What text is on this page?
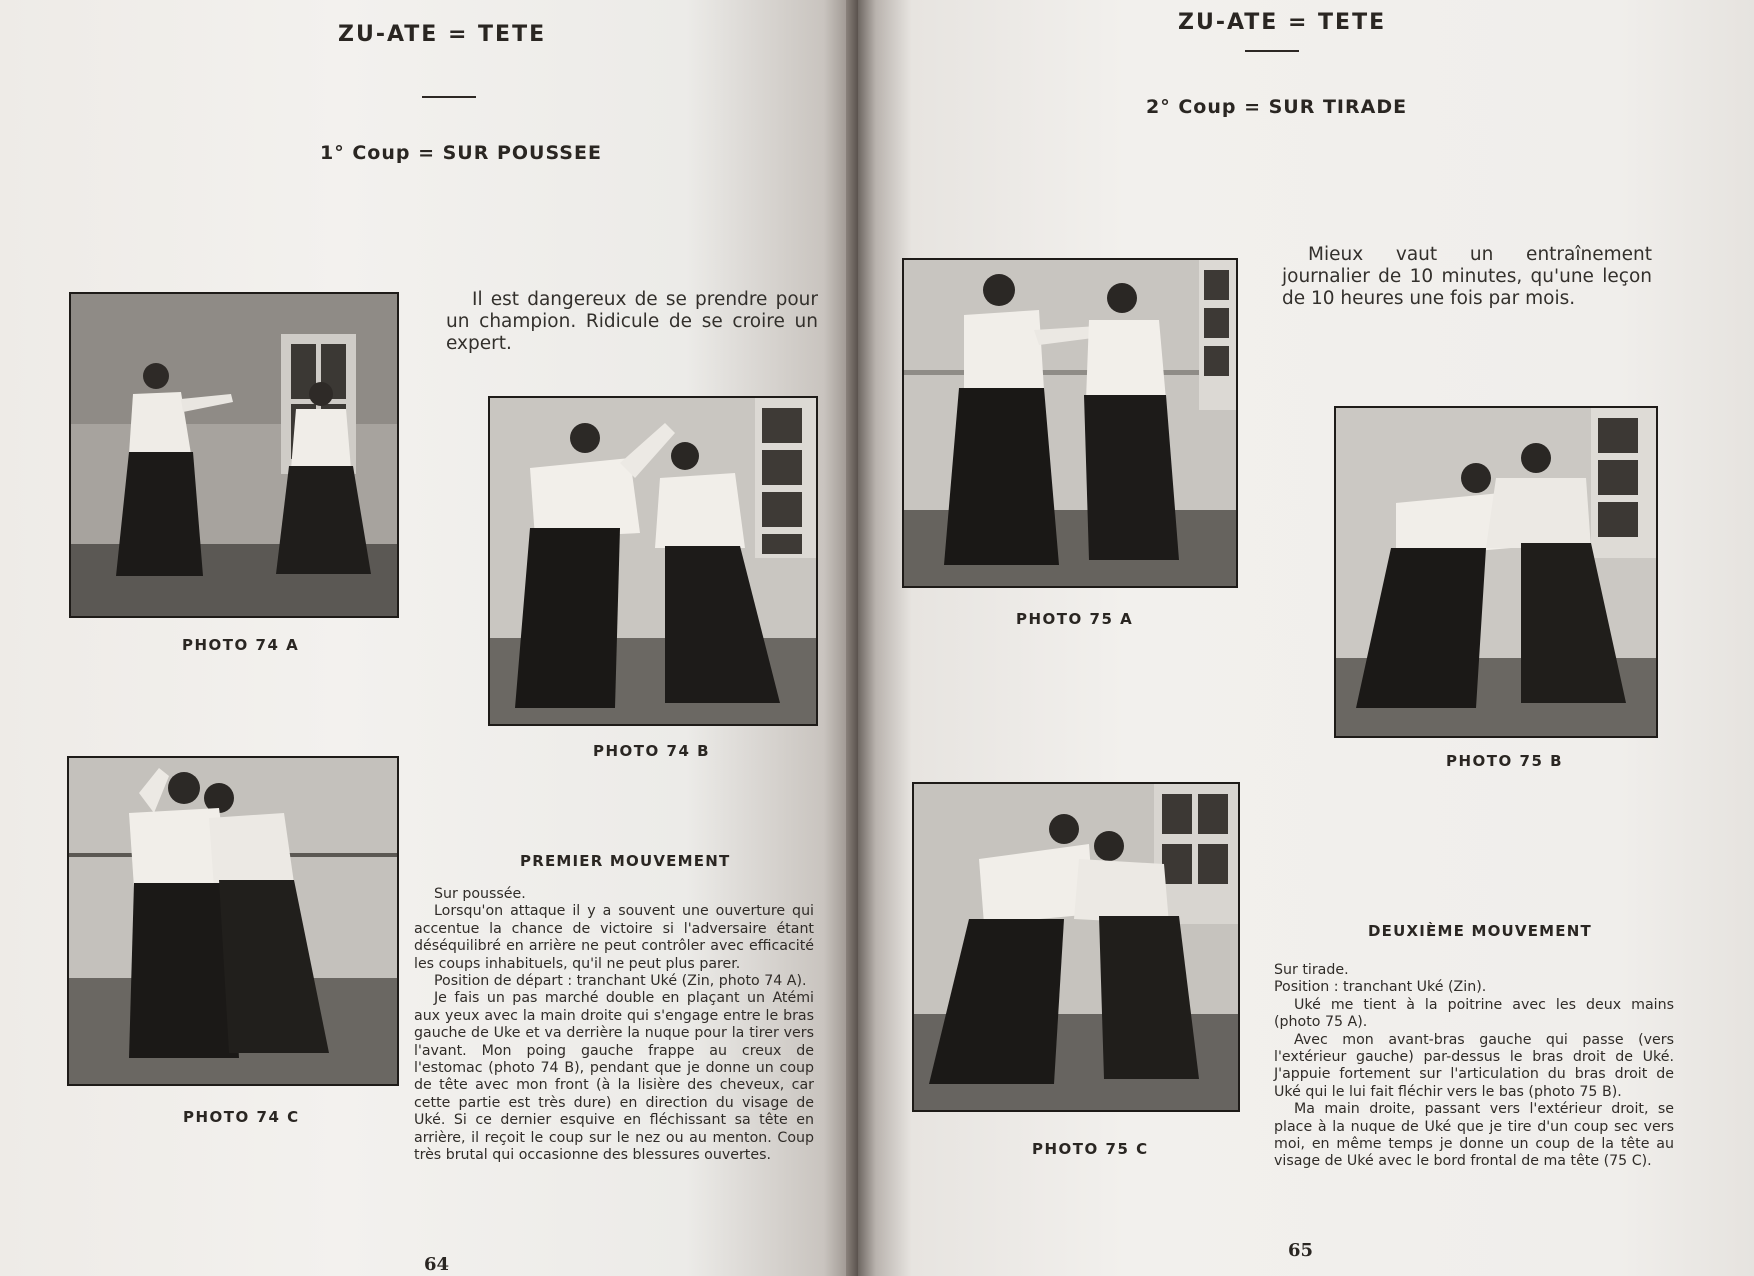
ZU-ATE = TETE
1° Coup = SUR POUSSEE
PHOTO 74 A
Il est dangereux de se prendre pour un champion. Ridicule de se croire un expert.
PHOTO 74 B
PHOTO 74 C
PREMIER MOUVEMENT

Sur poussée.

Lorsqu'on attaque il y a souvent une ouverture qui accentue la chance de victoire si l'adversaire étant déséquilibré en arrière ne peut contrôler avec efficacité les coups inhabituels, qu'il ne peut plus parer.

Position de départ : tranchant Uké (Zin, photo 74 A).

Je fais un pas marché double en plaçant un Atémi aux yeux avec la main droite qui s'engage entre le bras gauche de Uke et va derrière la nuque pour la tirer vers l'avant. Mon poing gauche frappe au creux de l'estomac (photo 74 B), pendant que je donne un coup de tête avec mon front (à la lisière des cheveux, car cette partie est très dure) en direction du visage de Uké. Si ce dernier esquive en fléchissant sa tête en arrière, il reçoit le coup sur le nez ou au menton. Coup très brutal qui occasionne des blessures ouvertes.

64
ZU-ATE = TETE
2° Coup = SUR TIRADE
Mieux vaut un entraînement journalier de 10 minutes, qu'une leçon de 10 heures une fois par mois.
PHOTO 75 A
PHOTO 75 B
PHOTO 75 C
DEUXIÈME MOUVEMENT

Sur tirade.

Position : tranchant Uké (Zin).

Uké me tient à la poitrine avec les deux mains (photo 75 A).

Avec mon avant-bras gauche qui passe (vers l'extérieur gauche) par-dessus le bras droit de Uké. J'appuie fortement sur l'articulation du bras droit de Uké qui le lui fait fléchir vers le bas (photo 75 B).

Ma main droite, passant vers l'extérieur droit, se place à la nuque de Uké que je tire d'un coup sec vers moi, en même temps je donne un coup de la tête au visage de Uké avec le bord frontal de ma tête (75 C).

65
